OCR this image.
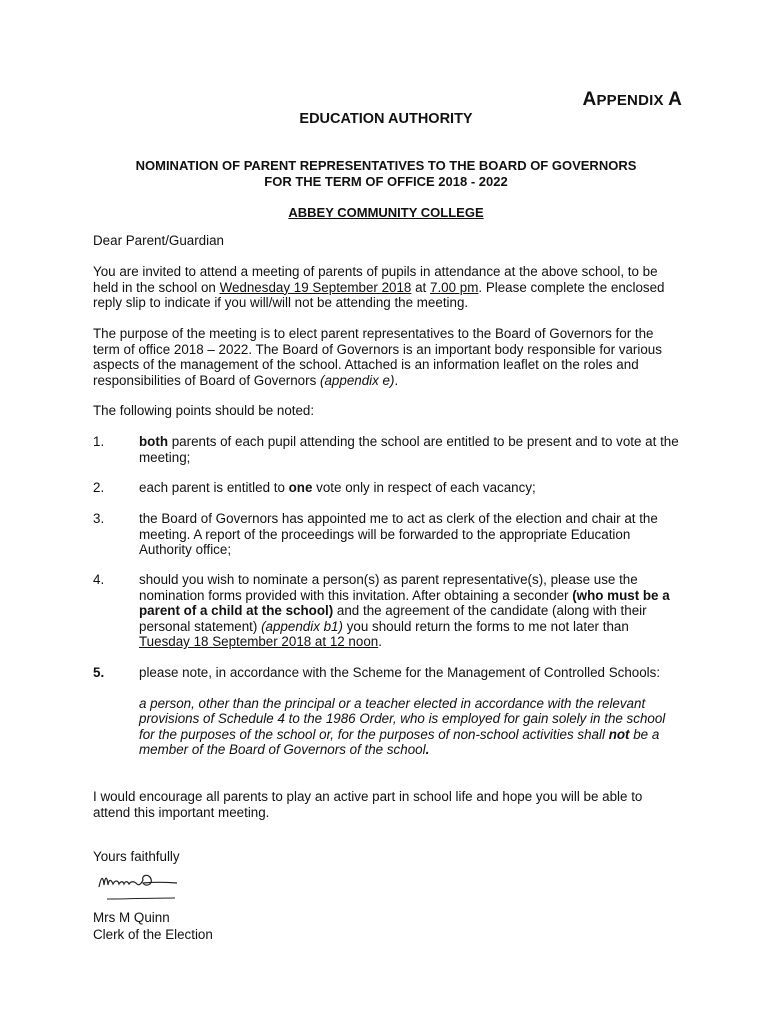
APPENDIX A
EDUCATION AUTHORITY
NOMINATION OF PARENT REPRESENTATIVES TO THE BOARD OF GOVERNORS
FOR THE TERM OF OFFICE 2018 - 2022
ABBEY COMMUNITY COLLEGE

Dear Parent/Guardian

You are invited to attend a meeting of parents of pupils in attendance at the above school, to be held in the school on Wednesday 19 September 2018 at 7.00 pm. Please complete the enclosed reply slip to indicate if you will/will not be attending the meeting.

The purpose of the meeting is to elect parent representatives to the Board of Governors for the term of office 2018 – 2022. The Board of Governors is an important body responsible for various aspects of the management of the school. Attached is an information leaflet on the roles and responsibilities of Board of Governors (appendix e).

The following points should be noted:

1.	both parents of each pupil attending the school are entitled to be present and to vote at the meeting;
2.	each parent is entitled to one vote only in respect of each vacancy;
3.	the Board of Governors has appointed me to act as clerk of the election and chair at the meeting. A report of the proceedings will be forwarded to the appropriate Education Authority office;
4.	should you wish to nominate a person(s) as parent representative(s), please use the nomination forms provided with this invitation. After obtaining a seconder (who must be a parent of a child at the school) and the agreement of the candidate (along with their personal statement) (appendix b1) you should return the forms to me not later than Tuesday 18 September 2018 at 12 noon.
5.	please note, in accordance with the Scheme for the Management of Controlled Schools:
a person, other than the principal or a teacher elected in accordance with the relevant provisions of Schedule 4 to the 1986 Order, who is employed for gain solely in the school for the purposes of the school or, for the purposes of non-school activities shall not be a member of the Board of Governors of the school.

I would encourage all parents to play an active part in school life and hope you will be able to attend this important meeting.

Yours faithfully

Mrs M Quinn

Clerk of the Election
